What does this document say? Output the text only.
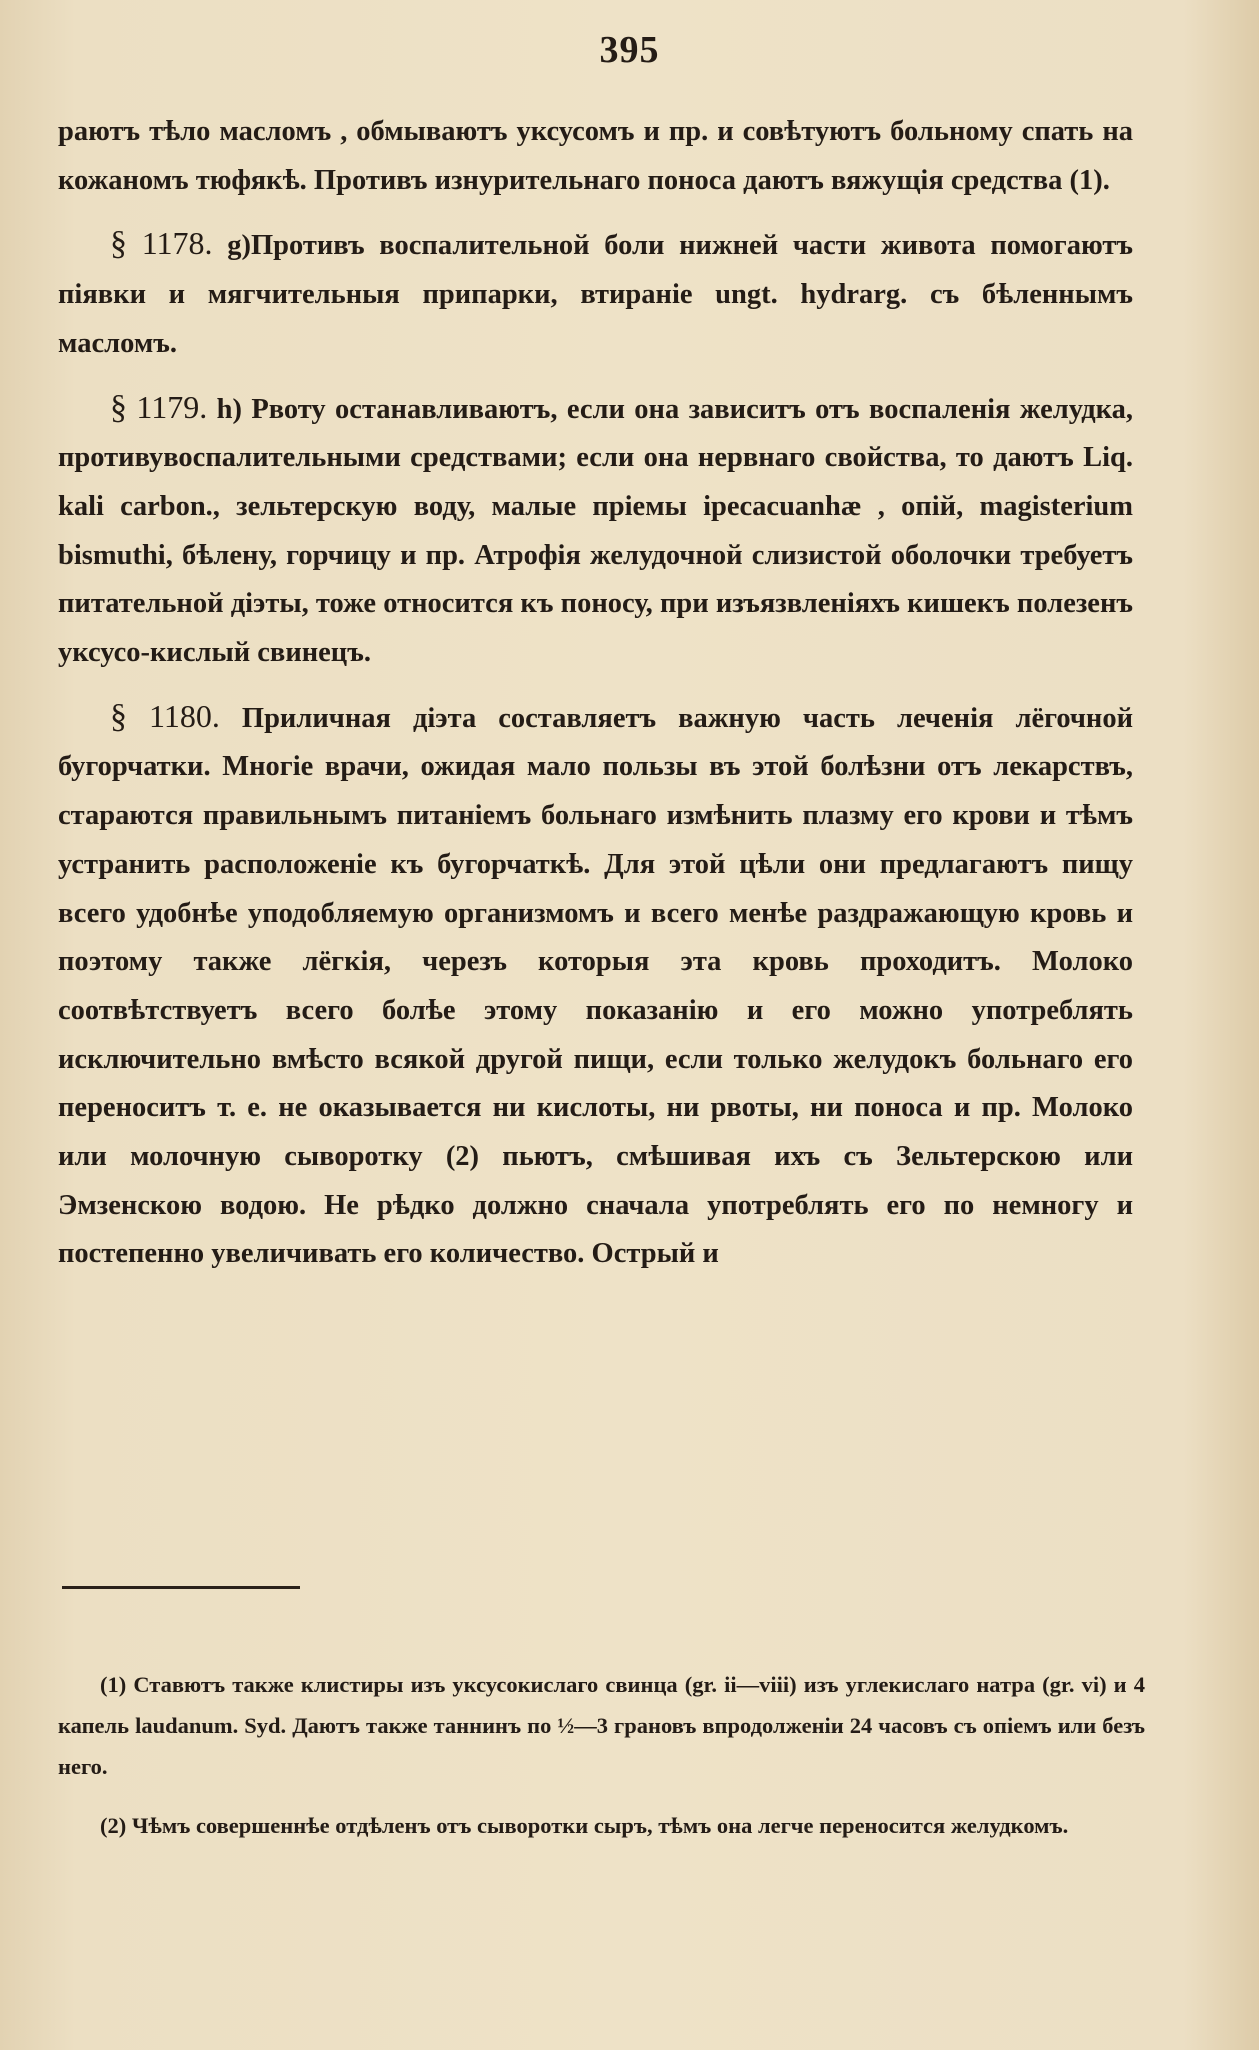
395

раютъ тѣло масломъ , обмываютъ уксусомъ и пр. и совѣтуютъ больному спать на кожаномъ тюфякѣ. Противъ изнурительнаго поноса даютъ вяжущія средства (1).

§ 1178. g)Противъ воспалительной боли нижней части живота помогаютъ піявки и мягчительныя припарки, втираніе ungt. hydrarg. съ бѣленнымъ масломъ.

§ 1179. h) Рвоту останавливаютъ, если она зависитъ отъ воспаленія желудка, противувоспалительными средствами; если она нервнаго свойства, то даютъ Liq. kali carbon., зельтерскую воду, малые пріемы ipecacuanhæ , опій, magisterium bismuthi, бѣлену, горчицу и пр. Атрофія желудочной слизистой оболочки требуетъ питательной діэты, тоже относится къ поносу, при изъязвленіяхъ кишекъ полезенъ уксусо-кислый свинецъ.

§ 1180. Приличная діэта составляетъ важную часть леченія лёгочной бугорчатки. Многіе врачи, ожидая мало пользы въ этой болѣзни отъ лекарствъ, стараются правильнымъ питаніемъ больнаго измѣнить плазму его крови и тѣмъ устранить расположеніе къ бугорчаткѣ. Для этой цѣли они предлагаютъ пищу всего удобнѣе уподобляемую организмомъ и всего менѣе раздражающую кровь и поэтому также лёгкія, черезъ которыя эта кровь проходитъ. Молоко соотвѣтствуетъ всего болѣе этому показанію и его можно употреблять исключительно вмѣсто всякой другой пищи, если только желудокъ больнаго его переноситъ т. е. не оказывается ни кислоты, ни рвоты, ни поноса и пр. Молоко или молочную сыворотку (2) пьютъ, смѣшивая ихъ съ Зельтерскою или Эмзенскою водою. Не рѣдко должно сначала употреблять его по немногу и постепенно увеличивать его количество. Острый и

(1) Ставютъ также клистиры изъ уксусокислаго свинца (gr. ii—viii) изъ углекислаго натра (gr. vi) и 4 капель laudanum. Syd. Даютъ также таннинъ по ½—3 грановъ впродолженіи 24 часовъ съ опіемъ или безъ него.

(2) Чѣмъ совершеннѣе отдѣленъ отъ сыворотки сыръ, тѣмъ она легче переносится желудкомъ.
